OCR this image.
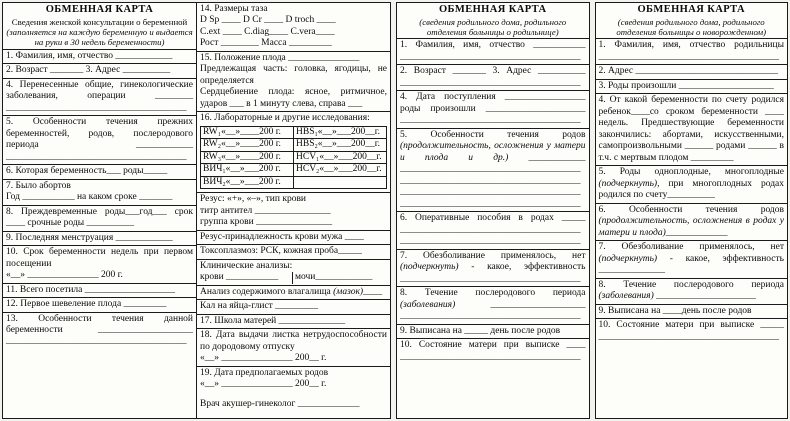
ОБМЕННАЯ КАРТА
Сведения женской консультации о беременной (заполняется на каждую беременную и выдается на руки в 30 недель беременности)
1. Фамилия, имя, отчество ____________
2. Возраст _______ 3. Адрес __________
4. Перенесенные общие, гинекологические заболевания, операции ________ ______________________________________
5. Особенности течения прежних беременностей, родов, послеродового периода ____________ ______________________________________
6. Которая беременность___ роды_____
7. Было абортов
Год ___________ на каком сроке _______
8. Преждевременные роды___год___ срок ____ срочные роды __________
9. Последняя менструация ____________
10. Срок беременности недель при первом посещении
«__» _______________ 200 г.
11. Всего посетила ___________________
12. Первое шевеление плода _________
13. Особенности течения данной беременности ____________________ ______________________________________
14. Размеры таза
D Sp ____ D Cr ____ D troch ____
C.ext ____ C.diag____ C.vera____
Рост ________ Масса _________
15. Положение плода _______________
Предлежащая часть: головка, ягодицы, не определяется
Сердцебиение плода: ясное, ритмичное, ударов ___ в 1 минуту слева, справа ___
16. Лабораторные и другие исследования:
RW₁«__»____200 г.	HBS₁«__»___200__г.
RW₂«__»____200 г.	HBS₂«__»___200__г.
RW₃«__»____200 г.	HCV₁«__»___200__г.
ВИЧ₁«__»___200 г.	HCV₂«__»___200__г.
ВИЧ₂«__»___200 г.
Резус: «+», «–», тип крови
титр антител ________________
группа крови ________________
Резус-принадлежность крови мужа ____
Токсоплазмоз: РСК, кожная проба_____
Клинические анализы:
крови ___________	мочи____________
Анализ содержимого влагалища (мазок)____
Кал на яйца-глист _________
17. Школа матерей ______________
18. Дата выдачи листка нетрудоспособности по дородовому отпуску
«__» _______________ 200__ г.
19. Дата предполагаемых родов
«__» _______________ 200__ г.
Врач акушер-гинеколог _____________
ОБМЕННАЯ КАРТА
(сведения родильного дома, родильного отделения больницы о родильнице)
1. Фамилия, имя, отчество ___________ ______________________________________
2. Возраст _______ 3. Адрес __________ ______________________________________
4. Дата поступления _________________ роды произошли _____________________ ______________________________________
5. Особенности течения родов (продолжительность, осложнения у матери и плода и др.) ____________ ______________________________________ ______________________________________ ______________________________________ ______________________________________
6. Оперативные пособия в родах _____ ______________________________________ ______________________________________
7. Обезболивание применялось, нет (подчеркнуть) - какое, эффективность ______________________________________
8. Течение послеродового периода (заболевания) ____________________ ______________________________________
9. Выписана на _____ день после родов
10. Состояние матери при выписке ____ ______________________________________
ОБМЕННАЯ КАРТА
(сведения родильного дома, родильного отделения больницы о новорожденном)
1. Фамилия, имя, отчество родильницы ______________________________________
2. Адрес ______________________________
3. Роды произошли ____________________
4. От какой беременности по счету родился ребенок____со сроком беременности ____ недель. Предшествующие беременности закончились: абортами, искусственными, самопроизвольными ______ родами ______ в т.ч. с мертвым плодом _________
5. Роды одноплодные, многоплодные (подчеркнуть), при многоплодных родах родился по счету__________
6. Особенности течения родов (продолжительность, осложнения в родах у матери и плода)_____________
7. Обезболивание применялось, нет (подчеркнуть) - какое, эффективность ______________
8. Течение послеродового периода (заболевания) _____________________
9. Выписана на ____день после родов
10. Состояние матери при выписке _____ ______________________________________
